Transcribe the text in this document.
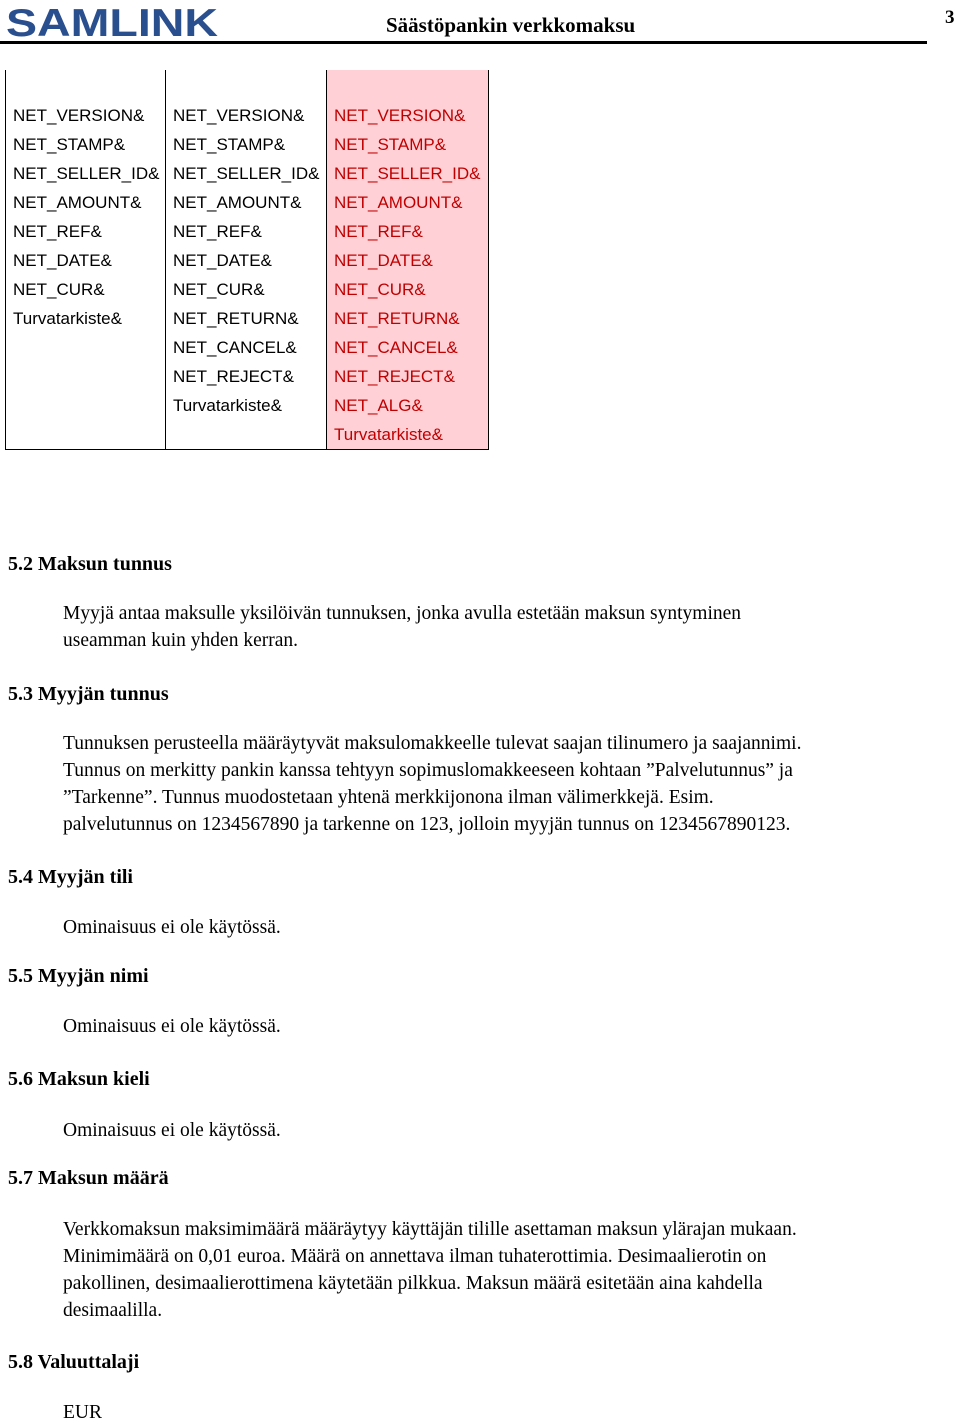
SAMLINK	Säästöpankin verkkomaksu	3
NET_VERSION&
NET_STAMP&
NET_SELLER_ID&
NET_AMOUNT&
NET_REF&
NET_DATE&
NET_CUR&
Turvatarkiste&
NET_VERSION&
NET_STAMP&
NET_SELLER_ID&
NET_AMOUNT&
NET_REF&
NET_DATE&
NET_CUR&
NET_RETURN&
NET_CANCEL&
NET_REJECT&
Turvatarkiste&
NET_VERSION&
NET_STAMP&
NET_SELLER_ID&
NET_AMOUNT&
NET_REF&
NET_DATE&
NET_CUR&
NET_RETURN&
NET_CANCEL&
NET_REJECT&
NET_ALG&
Turvatarkiste&
5.2 Maksun tunnus

Myyjä antaa maksulle yksilöivän tunnuksen, jonka avulla estetään maksun syntyminen

useamman kuin yhden kerran.

5.3 Myyjän tunnus

Tunnuksen perusteella määräytyvät maksulomakkeelle tulevat saajan tilinumero ja saajannimi.

Tunnus on merkitty pankin kanssa tehtyyn sopimuslomakkeeseen kohtaan ”Palvelutunnus” ja

”Tarkenne”. Tunnus muodostetaan yhtenä merkkijonona ilman välimerkkejä. Esim.

palvelutunnus on 1234567890 ja tarkenne on 123, jolloin myyjän tunnus on 1234567890123.

5.4 Myyjän tili

Ominaisuus ei ole käytössä.

5.5 Myyjän nimi

Ominaisuus ei ole käytössä.

5.6 Maksun kieli

Ominaisuus ei ole käytössä.

5.7 Maksun määrä

Verkkomaksun maksimimäärä määräytyy käyttäjän tilille asettaman maksun ylärajan mukaan.

Minimimäärä on 0,01 euroa. Määrä on annettava ilman tuhaterottimia. Desimaalierotin on

pakollinen, desimaalierottimena käytetään pilkkua. Maksun määrä esitetään aina kahdella

desimaalilla.

5.8 Valuuttalaji

EUR
